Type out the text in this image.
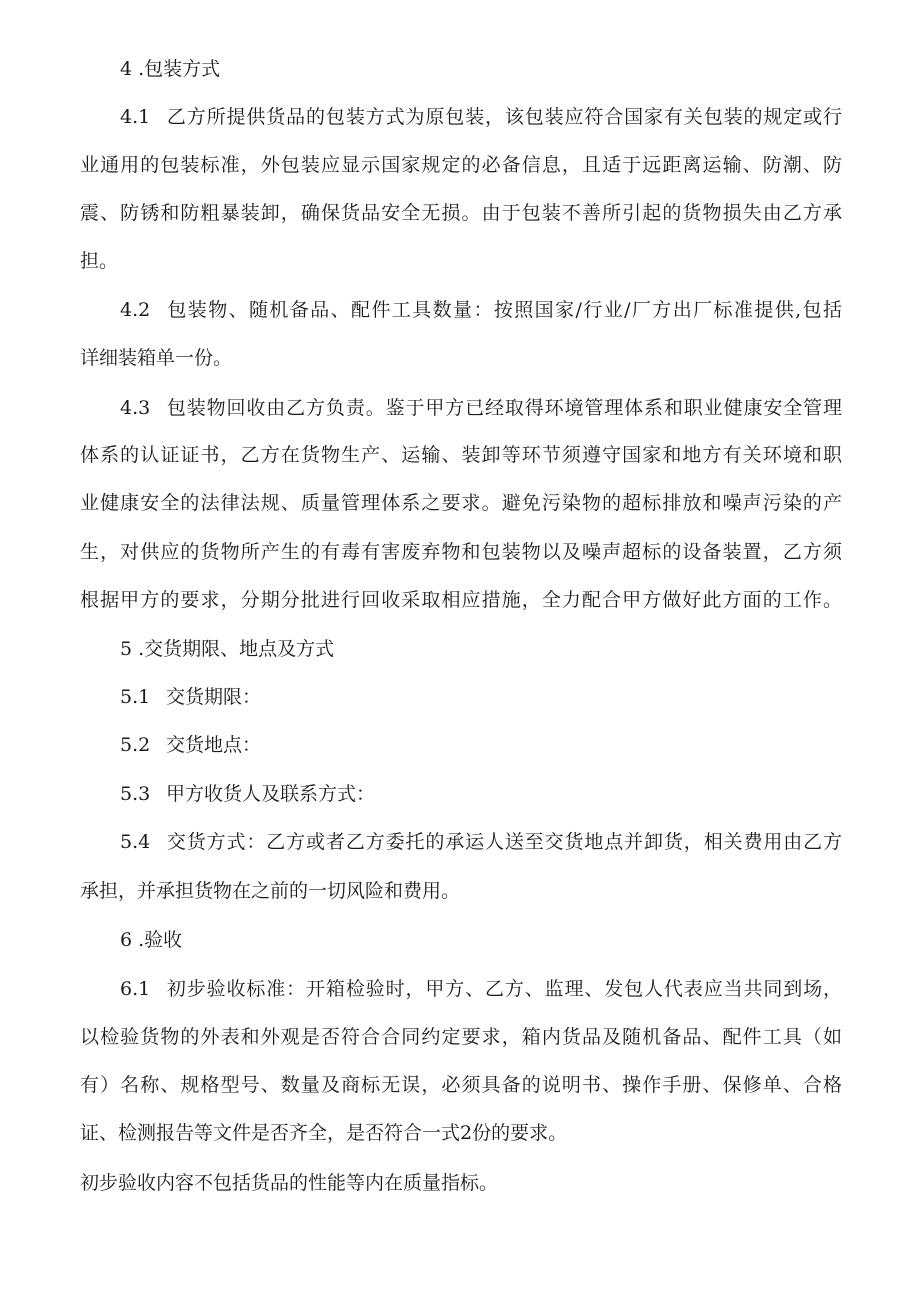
4 .包装方式
4.1 乙方所提供货品的包装方式为原包装，该包装应符合国家有关包装的规定或行
业通用的包装标准，外包装应显示国家规定的必备信息，且适于远距离运输、防潮、防
震、防锈和防粗暴装卸，确保货品安全无损。由于包装不善所引起的货物损失由乙方承
担。
4.2 包装物、随机备品、配件工具数量：按照国家/行业/厂方出厂标准提供,包括
详细装箱单一份。
4.3 包装物回收由乙方负责。鉴于甲方已经取得环境管理体系和职业健康安全管理
体系的认证证书，乙方在货物生产、运输、装卸等环节须遵守国家和地方有关环境和职
业健康安全的法律法规、质量管理体系之要求。避免污染物的超标排放和噪声污染的产
生，对供应的货物所产生的有毒有害废弃物和包装物以及噪声超标的设备装置，乙方须
根据甲方的要求，分期分批进行回收采取相应措施，全力配合甲方做好此方面的工作。
5 .交货期限、地点及方式
5.1 交货期限：
5.2 交货地点：
5.3 甲方收货人及联系方式：
5.4 交货方式：乙方或者乙方委托的承运人送至交货地点并卸货，相关费用由乙方
承担，并承担货物在之前的一切风险和费用。
6 .验收
6.1 初步验收标准：开箱检验时，甲方、乙方、监理、发包人代表应当共同到场，
以检验货物的外表和外观是否符合合同约定要求，箱内货品及随机备品、配件工具（如
有）名称、规格型号、数量及商标无误，必须具备的说明书、操作手册、保修单、合格
证、检测报告等文件是否齐全，是否符合一式2份的要求。
初步验收内容不包括货品的性能等内在质量指标。
